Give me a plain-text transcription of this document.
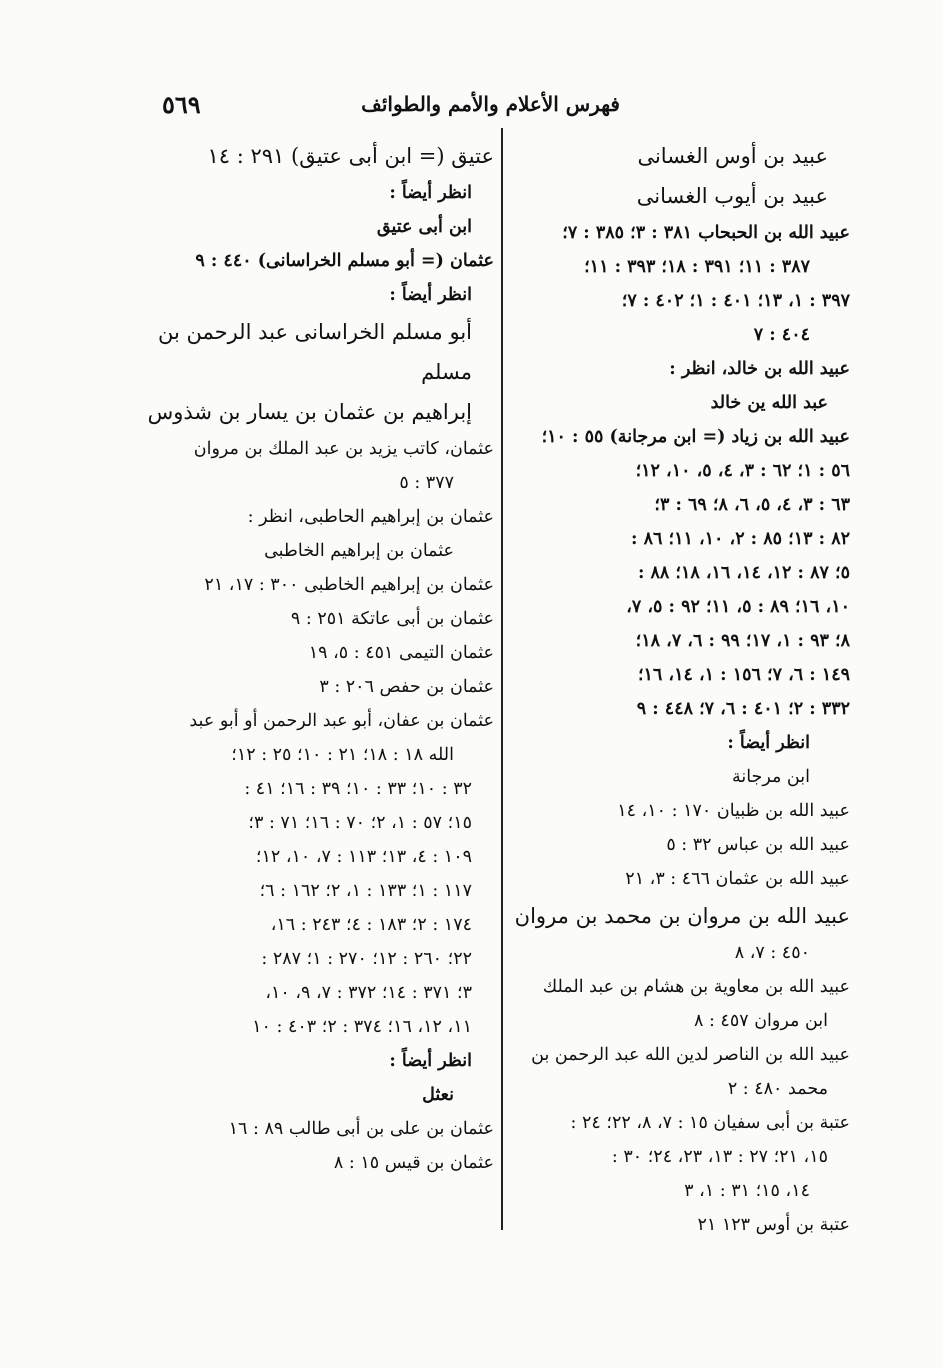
٥٦٩	فهرس الأعلام والأمم والطوائف
عبيد بن أوس الغسانى
عبيد بن أيوب الغسانى
عبيد الله بن الحبحاب ٣٨١ : ٣؛ ٣٨٥ : ٧؛
٣٨٧ : ١١؛ ٣٩١ : ١٨؛ ٣٩٣ : ١١؛
٣٩٧ : ١، ١٣؛ ٤٠١ : ١؛ ٤٠٢ : ٧؛
٤٠٤ : ٧
عبيد الله بن خالد، انظر :
عبد الله ين خالد
عبيد الله بن زياد (= ابن مرجانة) ٥٥ : ١٠؛
٥٦ : ١؛ ٦٢ : ٣، ٤، ٥، ١٠، ١٢؛
٦٣ : ٣، ٤، ٥، ٦، ٨؛ ٦٩ : ٣؛
٨٢ : ١٣؛ ٨٥ : ٢، ١٠، ١١؛ ٨٦ :
٥؛ ٨٧ : ١٢، ١٤، ١٦، ١٨؛ ٨٨ :
١٠، ١٦؛ ٨٩ : ٥، ١١؛ ٩٢ : ٥، ٧،
٨؛ ٩٣ : ١، ١٧؛ ٩٩ : ٦، ٧، ١٨؛
١٤٩ : ٦، ٧؛ ١٥٦ : ١، ١٤، ١٦؛
٣٣٢ : ٢؛ ٤٠١ : ٦، ٧؛ ٤٤٨ : ٩
انظر أيضاً :
ابن مرجانة
عبيد الله بن ظبيان ١٧٠ : ١٠، ١٤
عبيد الله بن عباس ٣٢ : ٥
عبيد الله بن عثمان ٤٦٦ : ٣، ٢١
عبيد الله بن مروان بن محمد بن مروان
٤٥٠ : ٧، ٨
عبيد الله بن معاوية بن هشام بن عبد الملك
ابن مروان ٤٥٧ : ٨
عبيد الله بن الناصر لدين الله عبد الرحمن بن
محمد ٤٨٠ : ٢
عتبة بن أبى سفيان ١٥ : ٧، ٨، ٢٢؛ ٢٤ :
١٥، ٢١؛ ٢٧ : ١٣، ٢٣، ٢٤؛ ٣٠ :
١٤، ١٥؛ ٣١ : ١، ٣
عتبة بن أوس ١٢٣ ٢١
عتيق (= ابن أبى عتيق) ٢٩١ : ١٤
انظر أيضاً :
ابن أبى عتيق
عثمان (= أبو مسلم الخراسانى) ٤٤٠ : ٩
انظر أيضاً :
أبو مسلم الخراسانى عبد الرحمن بن
مسلم
إبراهيم بن عثمان بن يسار بن شذوس
عثمان، كاتب يزيد بن عبد الملك بن مروان
٣٧٧ : ٥
عثمان بن إبراهيم الحاطبى، انظر :
عثمان بن إبراهيم الخاطبى
عثمان بن إبراهيم الخاطبى ٣٠٠ : ١٧، ٢١
عثمان بن أبى عاتكة ٢٥١ : ٩
عثمان التيمى ٤٥١ : ٥، ١٩
عثمان بن حفص ٢٠٦ : ٣
عثمان بن عفان، أبو عبد الرحمن أو أبو عبد
الله ١٨ : ١٨؛ ٢١ : ١٠؛ ٢٥ : ١٢؛
٣٢ : ١٠؛ ٣٣ : ١٠؛ ٣٩ : ١٦؛ ٤١ :
١٥؛ ٥٧ : ١، ٢؛ ٧٠ : ١٦؛ ٧١ : ٣؛
١٠٩ : ٤، ١٣؛ ١١٣ : ٧، ١٠، ١٢؛
١١٧ : ١؛ ١٣٣ : ١، ٢؛ ١٦٢ : ٦؛
١٧٤ : ٢؛ ١٨٣ : ٤؛ ٢٤٣ : ١٦،
٢٢؛ ٢٦٠ : ١٢؛ ٢٧٠ : ١؛ ٢٨٧ :
٣؛ ٣٧١ : ١٤؛ ٣٧٢ : ٧، ٩، ١٠،
١١، ١٢، ١٦؛ ٣٧٤ : ٢؛ ٤٠٣ : ١٠
انظر أيضاً :
نعثل
عثمان بن على بن أبى طالب ٨٩ : ١٦
عثمان بن قيس ١٥ : ٨
